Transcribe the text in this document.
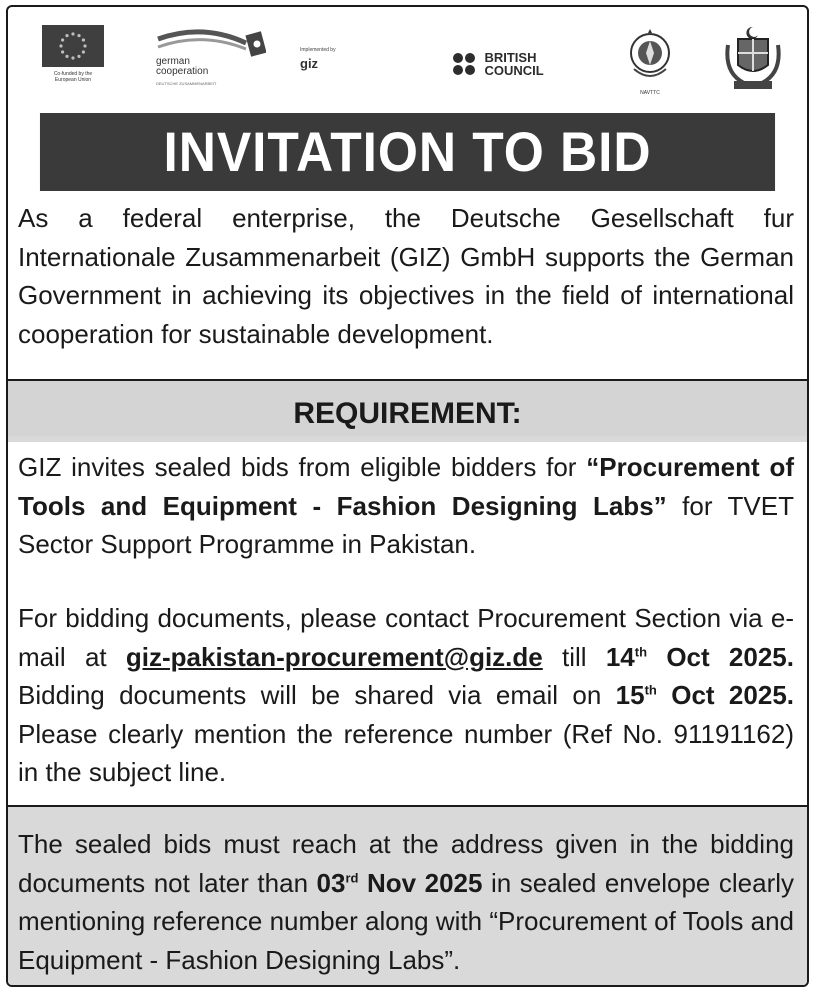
Co-funded by the
European Union
german
cooperation
DEUTSCHE ZUSAMMENARBEIT
Implemented by
giz	BRITISH
COUNCIL
NAVTTC
INVITATION TO BID
As a federal enterprise, the Deutsche Gesellschaft fur Internationale Zusammenarbeit (GIZ) GmbH supports the German Government in achieving its objectives in the field of international cooperation for sustainable development.
REQUIREMENT:
GIZ invites sealed bids from eligible bidders for “Procurement of Tools and Equipment - Fashion Designing Labs” for TVET Sector Support Programme in Pakistan.
For bidding documents, please contact Procurement Section via e-mail at giz-pakistan-procurement@giz.de till 14th Oct 2025. Bidding documents will be shared via email on 15th Oct 2025. Please clearly mention the reference number (Ref No. 91191162) in the subject line.
The sealed bids must reach at the address given in the bidding documents not later than 03rd Nov 2025 in sealed envelope clearly mentioning reference number along with “Procurement of Tools and Equipment - Fashion Designing Labs”.
